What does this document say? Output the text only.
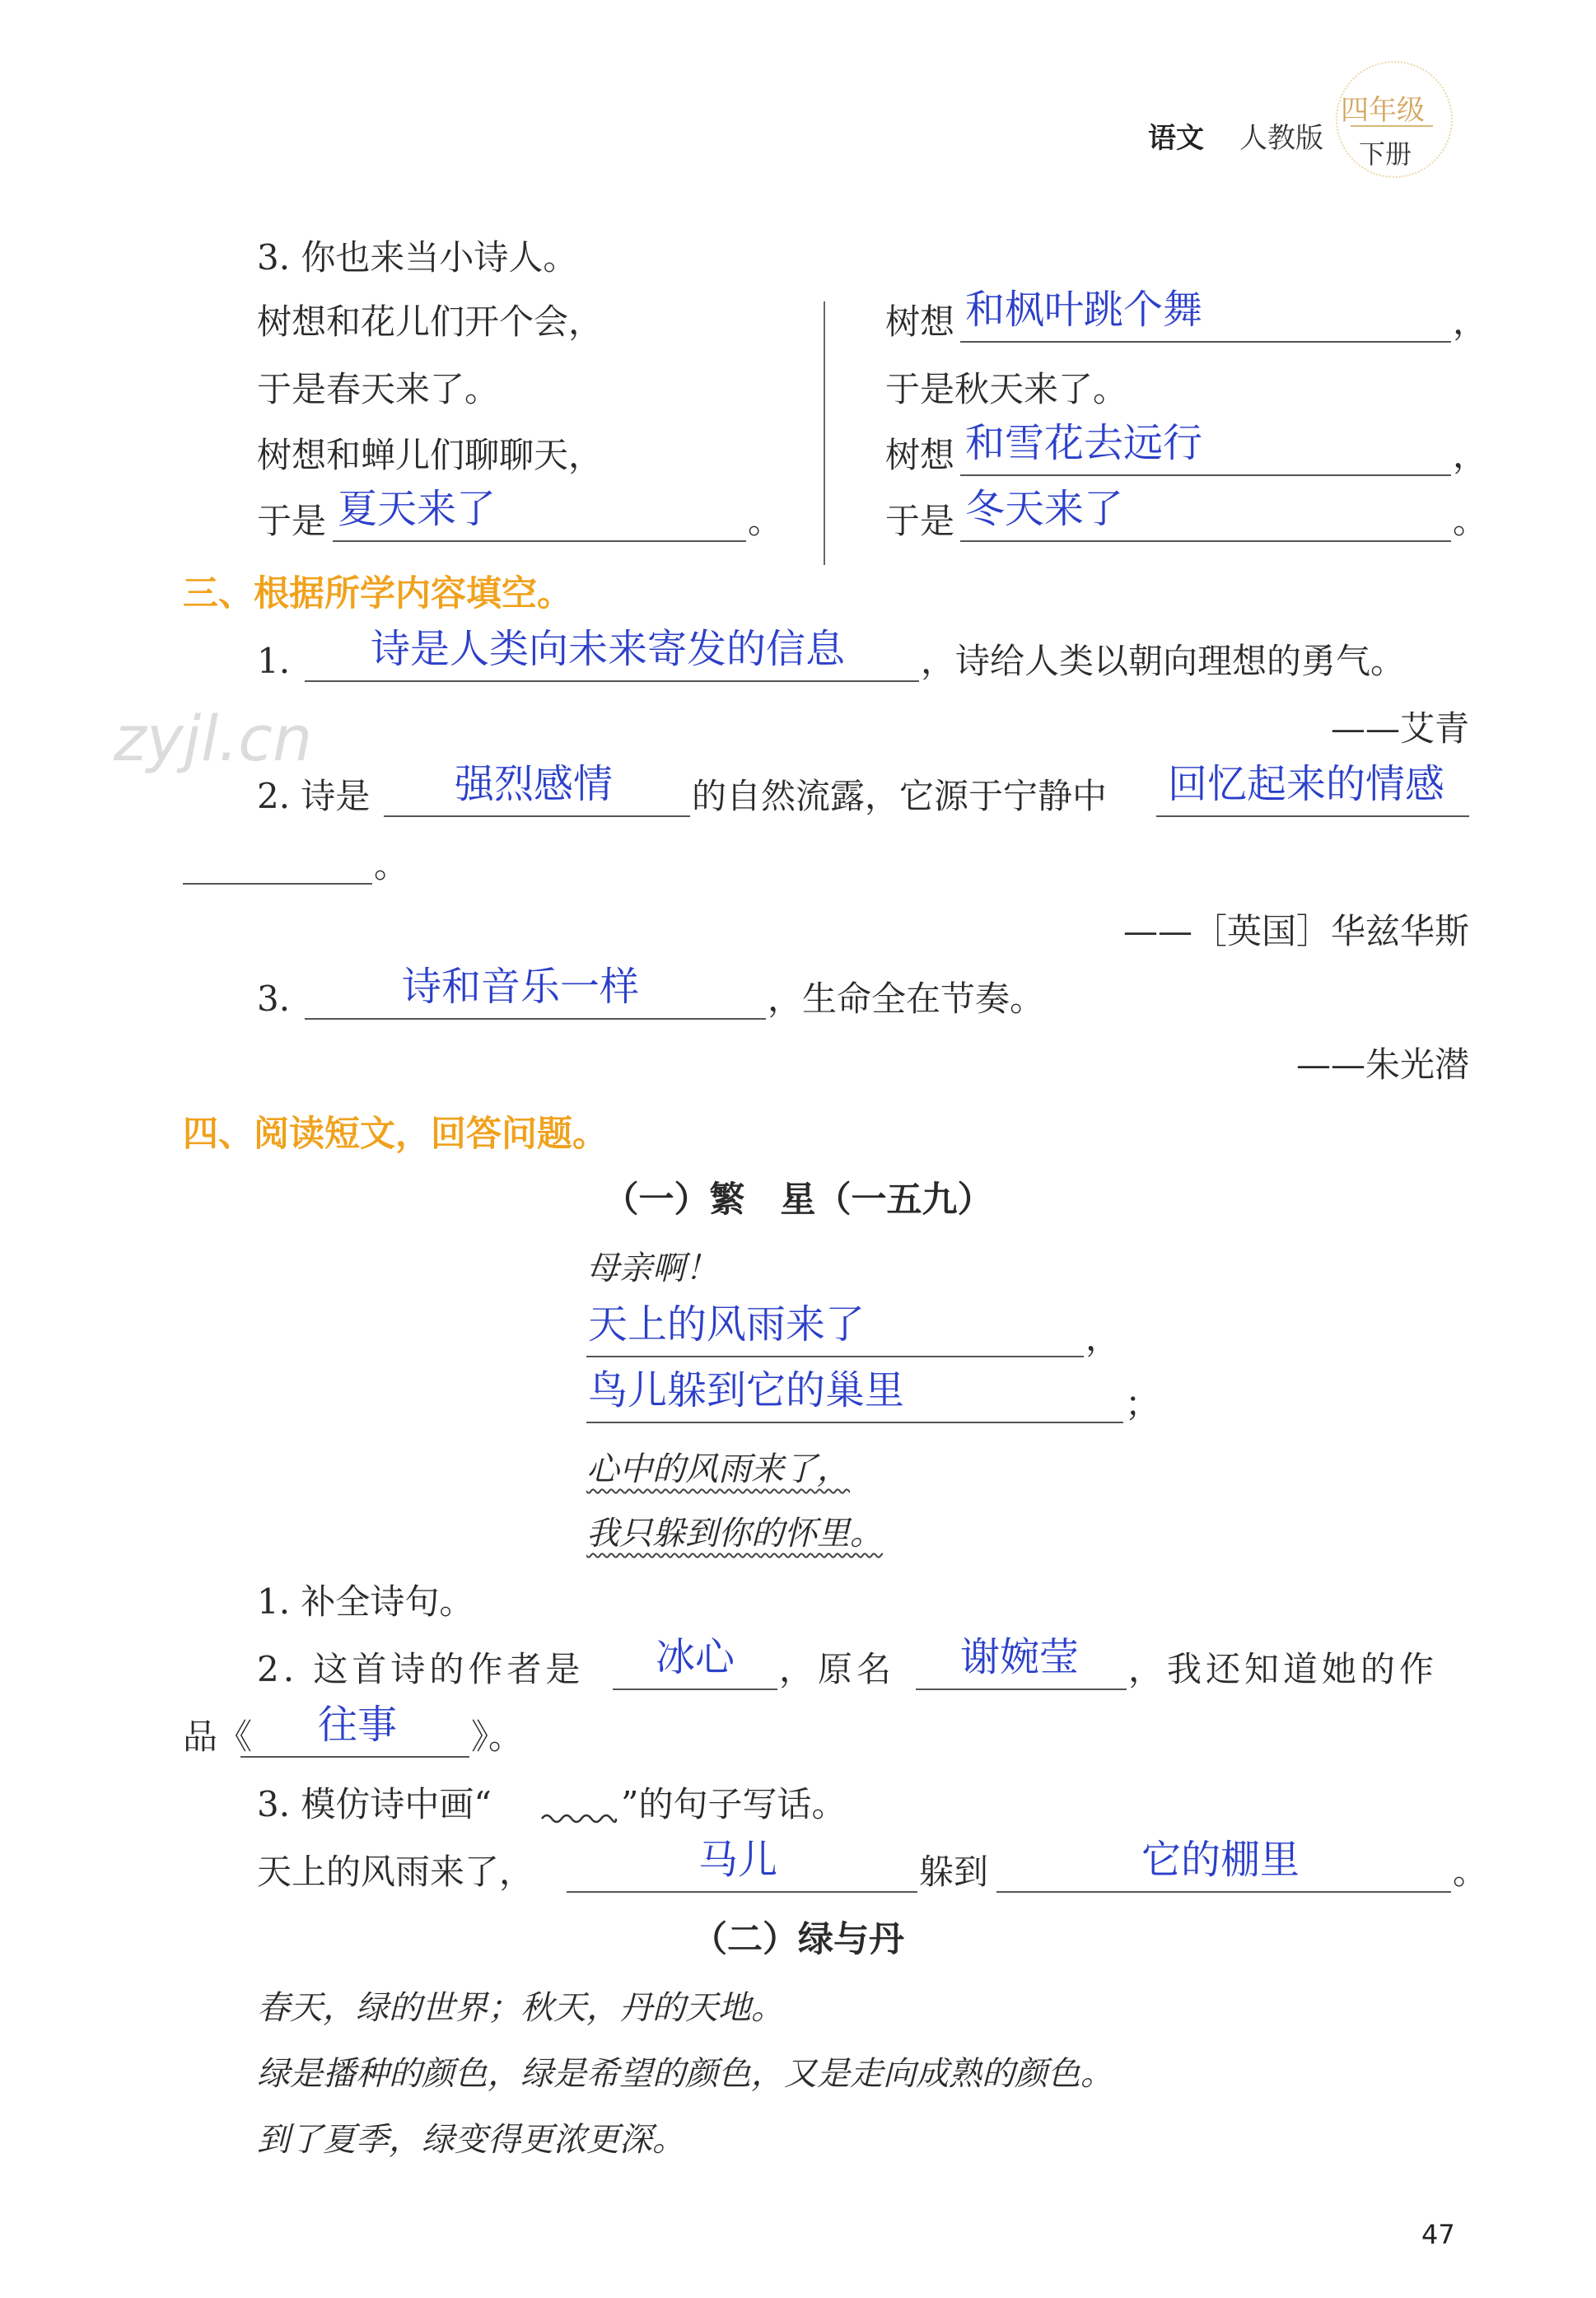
语文 人教版
四年级
下册
zyjl.cn
3. 你也来当小诗人。
树想和花儿们开个会，
于是春天来了。
树想和蝉儿们聊聊天，
于是 夏天来了	。
树想 和枫叶跳个舞	，
于是秋天来了。
树想 和雪花去远行	，
于是 冬天来了	。
三、根据所学内容填空。
1. 诗是人类向未来寄发的信息 ，诗给人类以朝向理想的勇气。
——艾青
2. 诗是 强烈感情 的自然流露，它源于宁静中 回忆起来的情感
。
——［英国］华兹华斯
3.	诗和音乐一样	，生命全在节奏。
——朱光潜
四、阅读短文，回答问题。
（一）繁　星（一五九）
母亲啊！
天上的风雨来了	，
鸟儿躲到它的巢里	；
心中的风雨来了，
我只躲到你的怀里。
1. 补全诗句。
2. 这首诗的作者是 冰心 ，原名 谢婉莹 ，我还知道她的作
品《 往事 》。
3. 模仿诗中画“	”的句子写话。
天上的风雨来了，	马儿	躲到	它的棚里	。
（二）绿与丹
春天，绿的世界；秋天，丹的天地。
绿是播种的颜色，绿是希望的颜色，又是走向成熟的颜色。
到了夏季，绿变得更浓更深。
47
